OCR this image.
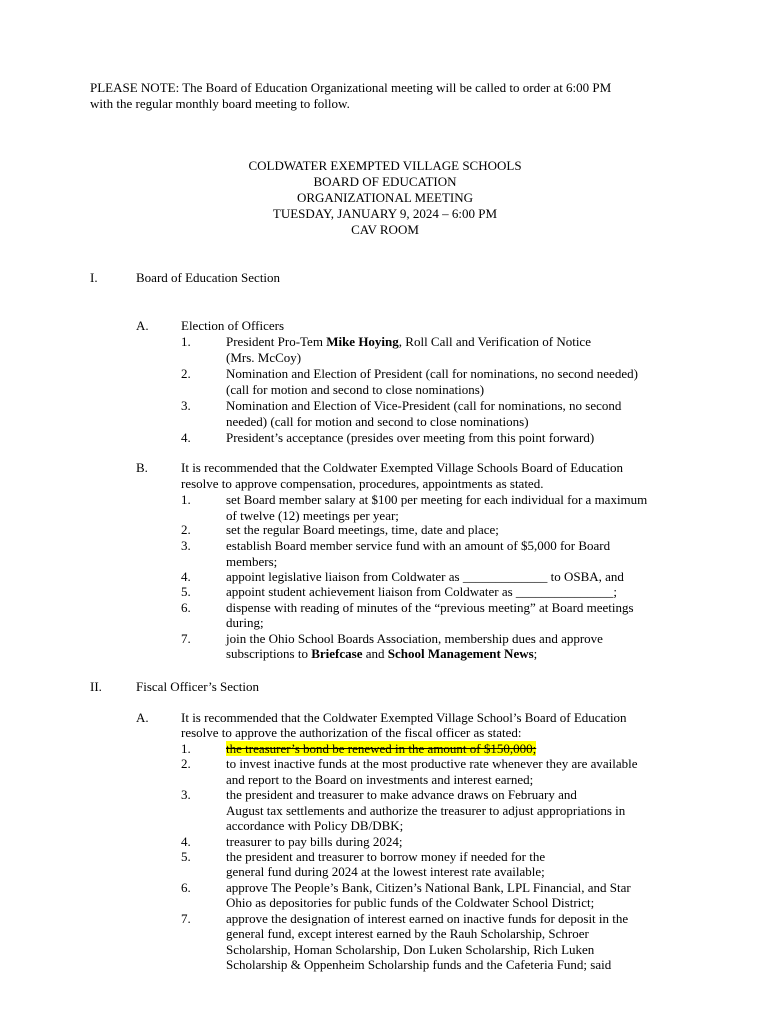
PLEASE NOTE: The Board of Education Organizational meeting will be called to order at 6:00 PM
with the regular monthly board meeting to follow.
COLDWATER EXEMPTED VILLAGE SCHOOLS
BOARD OF EDUCATION
ORGANIZATIONAL MEETING
TUESDAY, JANUARY 9, 2024 – 6:00 PM
CAV ROOM
I.	Board of Education Section
A. Election of Officers
1.	President Pro-Tem Mike Hoying, Roll Call and Verification of Notice
(Mrs. McCoy)
2.	Nomination and Election of President (call for nominations, no second needed)
(call for motion and second to close nominations)
3.	Nomination and Election of Vice-President (call for nominations, no second
needed) (call for motion and second to close nominations)
4.	President’s acceptance (presides over meeting from this point forward)
B.	It is recommended that the Coldwater Exempted Village Schools Board of Education
resolve to approve compensation, procedures, appointments as stated.
1.	set Board member salary at $100 per meeting for each individual for a maximum
of twelve (12) meetings per year;
2.	set the regular Board meetings, time, date and place;
3.	establish Board member service fund with an amount of $5,000 for Board
members;
4.	appoint legislative liaison from Coldwater as _____________ to OSBA, and
5.	appoint student achievement liaison from Coldwater as _______________;
6.	dispense with reading of minutes of the “previous meeting” at Board meetings
during;
7.	join the Ohio School Boards Association, membership dues and approve
subscriptions to Briefcase and School Management News;
II.	Fiscal Officer’s Section
A. It is recommended that the Coldwater Exempted Village School’s Board of Education
resolve to approve the authorization of the fiscal officer as stated:
1.	the treasurer’s bond be renewed in the amount of $150,000;
2.	to invest inactive funds at the most productive rate whenever they are available
and report to the Board on investments and interest earned;
3.	the president and treasurer to make advance draws on February and
August tax settlements and authorize the treasurer to adjust appropriations in
accordance with Policy DB/DBK;
4.	treasurer to pay bills during 2024;
5.	the president and treasurer to borrow money if needed for the
general fund during 2024 at the lowest interest rate available;
6.	approve The People’s Bank, Citizen’s National Bank, LPL Financial, and Star
Ohio as depositories for public funds of the Coldwater School District;
7.	approve the designation of interest earned on inactive funds for deposit in the
general fund, except interest earned by the Rauh Scholarship, Schroer
Scholarship, Homan Scholarship, Don Luken Scholarship, Rich Luken
Scholarship & Oppenheim Scholarship funds and the Cafeteria Fund; said
